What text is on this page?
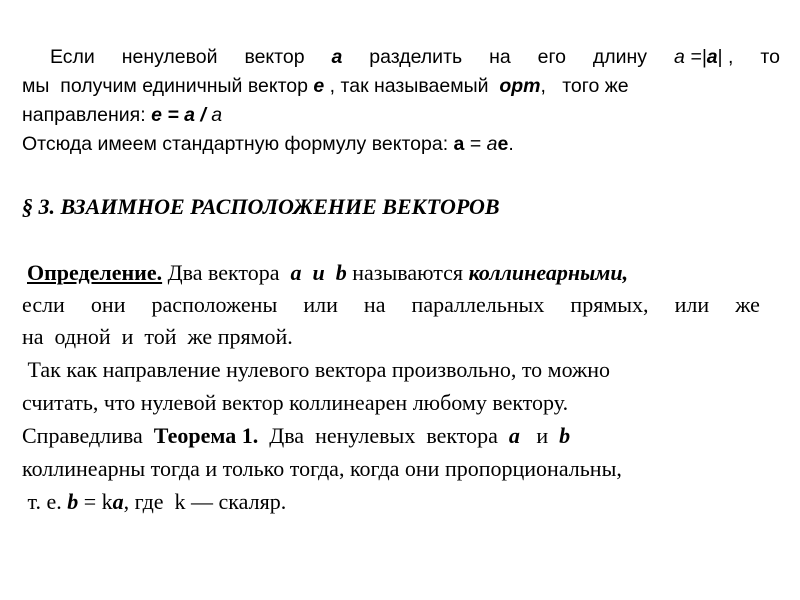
Если ненулевой вектор a разделить на его длину a =|a| , то
мы  получим единичный вектор e , так называемый  орт,   того же
направления: e = a / a
Отсюда имеем стандартную формулу вектора: a = ae.
§ 3. ВЗАИМНОЕ РАСПОЛОЖЕНИЕ ВЕКТОРОВ
Определение. Два вектора  a  и  b называются коллинеарными,
если они расположены или на параллельных прямых, или же
на  одной  и  той  же прямой.
Так как направление нулевого вектора произвольно, то можно
считать, что нулевой вектор коллинеарен любому вектору.
Справедлива  Теорема 1.  Два  ненулевых  вектора  a   и  b
коллинеарны тогда и только тогда, когда они пропорциональны,
т. е. b = ka, где  k — скаляр.
